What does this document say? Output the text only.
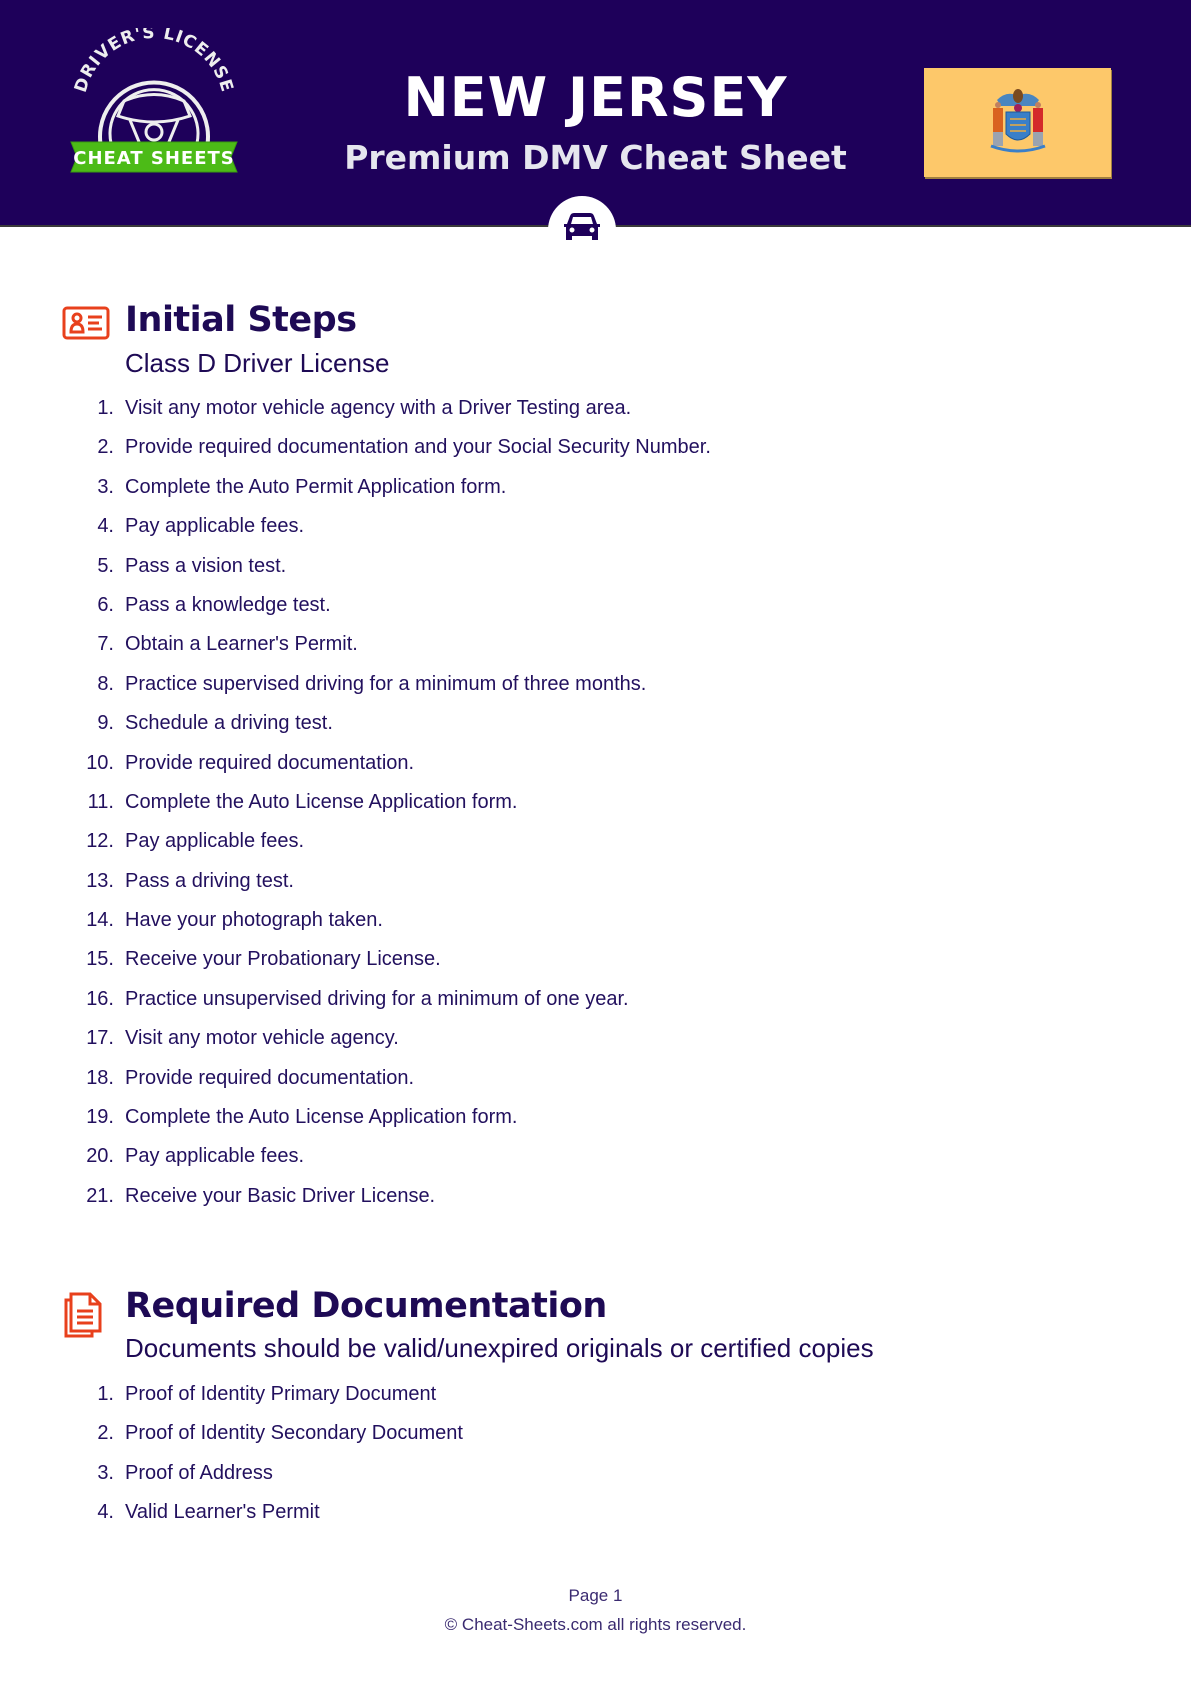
DRIVER'S LICENSE
CHEAT SHEETS
NEW JERSEY
Premium DMV Cheat Sheet
Initial Steps
Class D Driver License
1. Visit any motor vehicle agency with a Driver Testing area.
2. Provide required documentation and your Social Security Number.
3. Complete the Auto Permit Application form.
4. Pay applicable fees.
5. Pass a vision test.
6. Pass a knowledge test.
7. Obtain a Learner's Permit.
8. Practice supervised driving for a minimum of three months.
9. Schedule a driving test.
10. Provide required documentation.
11. Complete the Auto License Application form.
12. Pay applicable fees.
13. Pass a driving test.
14. Have your photograph taken.
15. Receive your Probationary License.
16. Practice unsupervised driving for a minimum of one year.
17. Visit any motor vehicle agency.
18. Provide required documentation.
19. Complete the Auto License Application form.
20. Pay applicable fees.
21. Receive your Basic Driver License.
Required Documentation
Documents should be valid/unexpired originals or certified copies
1. Proof of Identity Primary Document
2. Proof of Identity Secondary Document
3. Proof of Address
4. Valid Learner's Permit
Page 1
© Cheat-Sheets.com all rights reserved.
